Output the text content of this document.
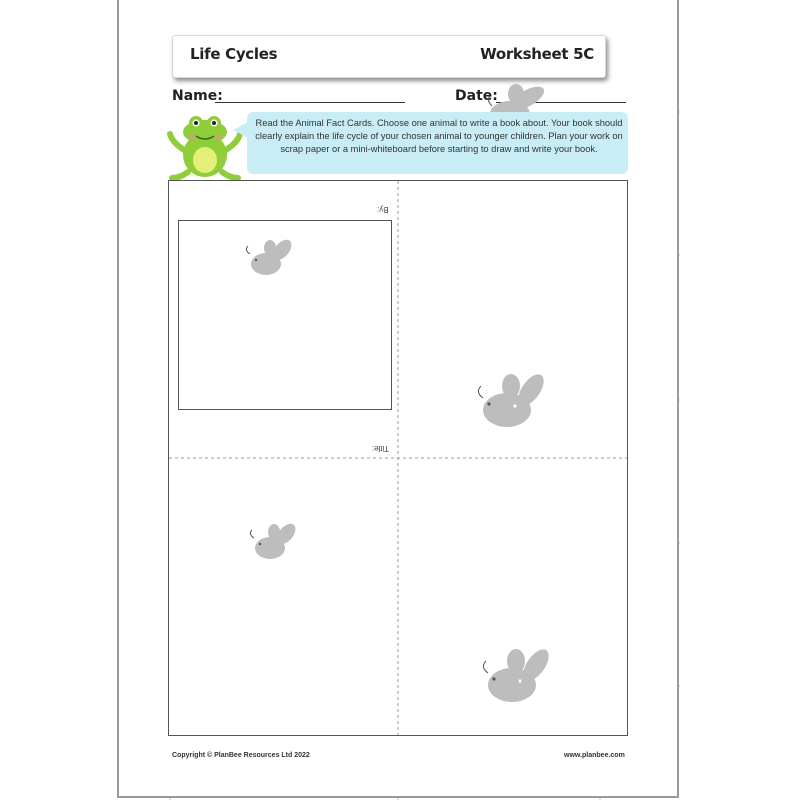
Life Cycles	Worksheet 5C
Name:	Date:
Read the Animal Fact Cards. Choose one animal to write a book about. Your book should clearly explain the life cycle of your chosen animal to younger children. Plan your work on scrap paper or a mini-whiteboard before starting to draw and write your book.
By:
Title:
Copyright © PlanBee Resources Ltd 2022	www.planbee.com
